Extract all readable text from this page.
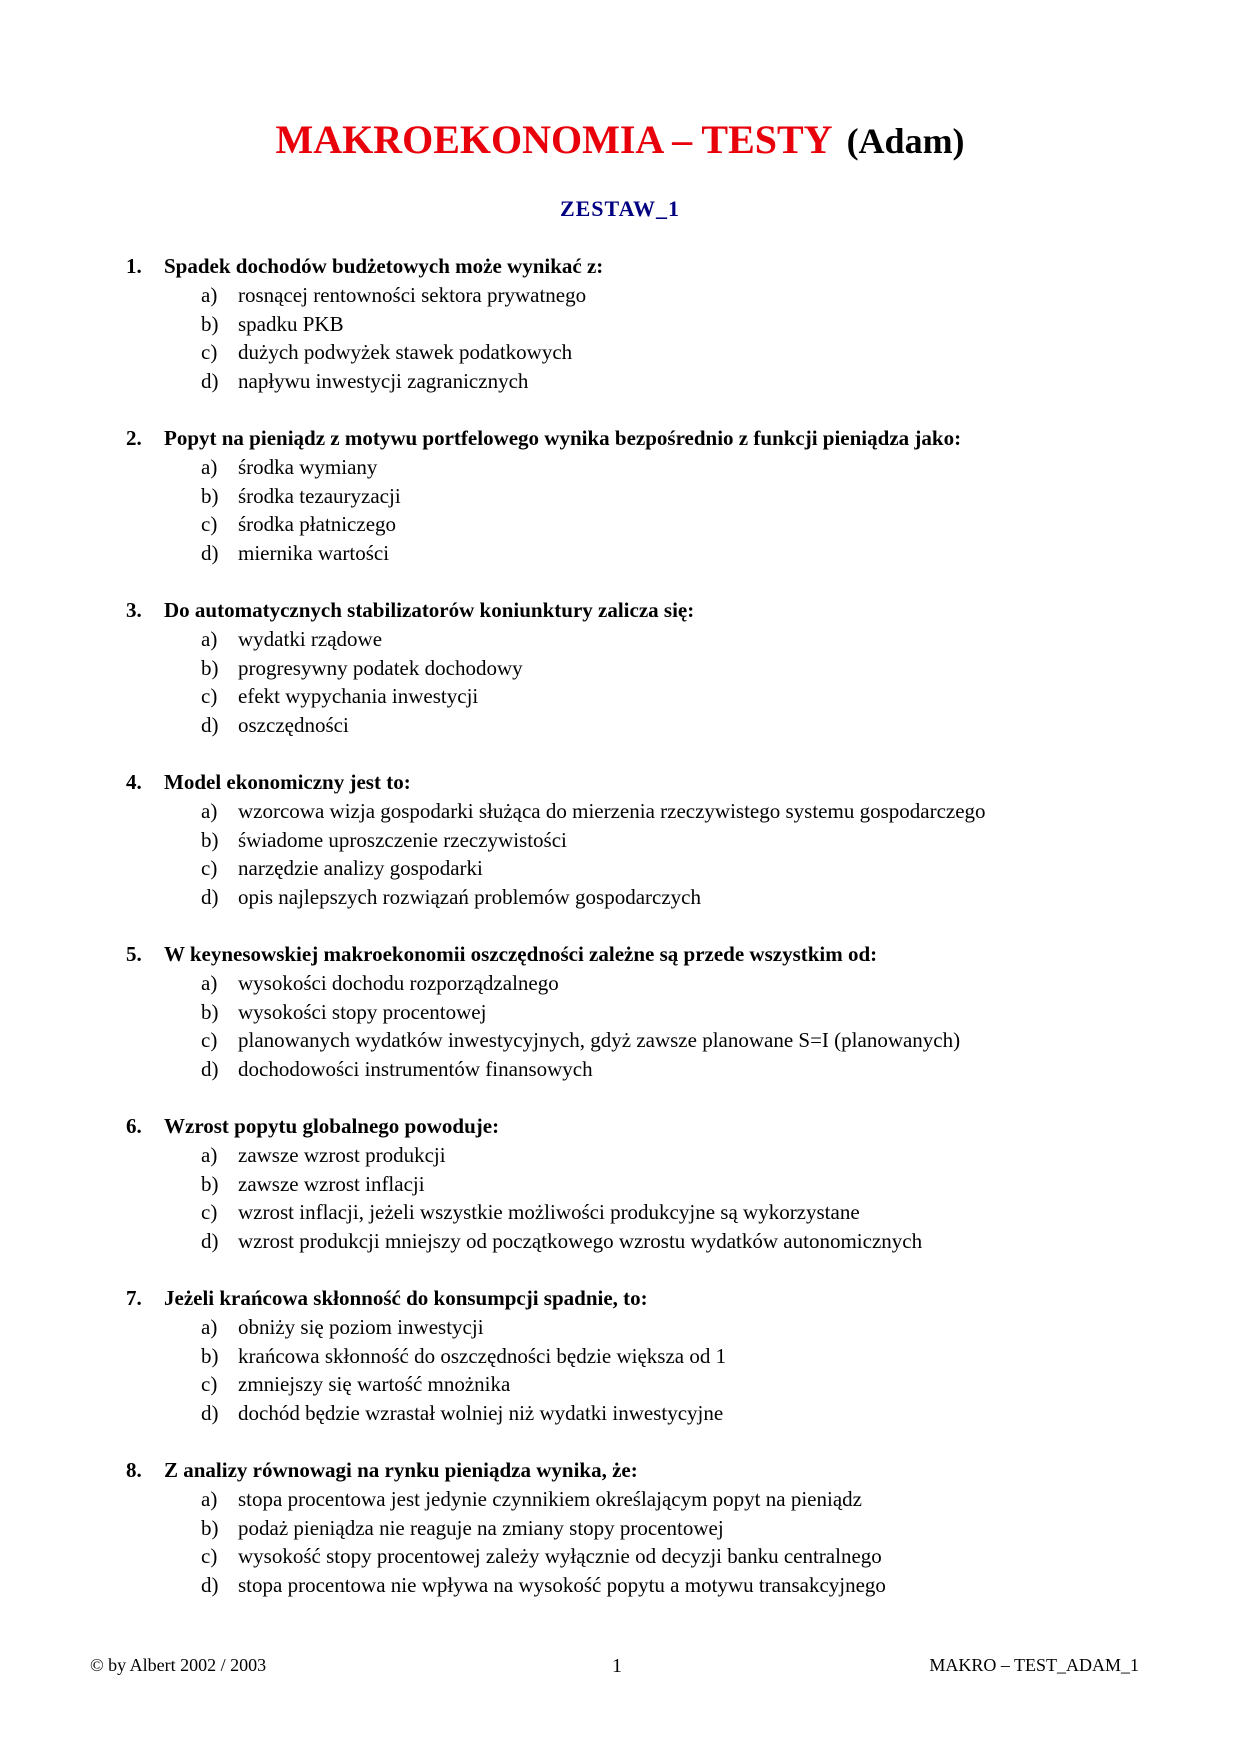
MAKROEKONOMIA – TESTY (Adam)
ZESTAW_1
1. Spadek dochodów budżetowych może wynikać z:
a) rosnącej rentowności sektora prywatnego
b) spadku PKB
c) dużych podwyżek stawek podatkowych
d) napływu inwestycji zagranicznych
2. Popyt na pieniądz z motywu portfelowego wynika bezpośrednio z funkcji pieniądza jako:
a) środka wymiany
b) środka tezauryzacji
c) środka płatniczego
d) miernika wartości
3. Do automatycznych stabilizatorów koniunktury zalicza się:
a) wydatki rządowe
b) progresywny podatek dochodowy
c) efekt wypychania inwestycji
d) oszczędności
4. Model ekonomiczny jest to:
a) wzorcowa wizja gospodarki służąca do mierzenia rzeczywistego systemu gospodarczego
b) świadome uproszczenie rzeczywistości
c) narzędzie analizy gospodarki
d) opis najlepszych rozwiązań problemów gospodarczych
5. W keynesowskiej makroekonomii oszczędności zależne są przede wszystkim od:
a) wysokości dochodu rozporządzalnego
b) wysokości stopy procentowej
c) planowanych wydatków inwestycyjnych, gdyż zawsze planowane S=I (planowanych)
d) dochodowości instrumentów finansowych
6. Wzrost popytu globalnego powoduje:
a) zawsze wzrost produkcji
b) zawsze wzrost inflacji
c) wzrost inflacji, jeżeli wszystkie możliwości produkcyjne są wykorzystane
d) wzrost produkcji mniejszy od początkowego wzrostu wydatków autonomicznych
7. Jeżeli krańcowa skłonność do konsumpcji spadnie, to:
a) obniży się poziom inwestycji
b) krańcowa skłonność do oszczędności będzie większa od 1
c) zmniejszy się wartość mnożnika
d) dochód będzie wzrastał wolniej niż wydatki inwestycyjne
8. Z analizy równowagi na rynku pieniądza wynika, że:
a) stopa procentowa jest jedynie czynnikiem określającym popyt na pieniądz
b) podaż pieniądza nie reaguje na zmiany stopy procentowej
c) wysokość stopy procentowej zależy wyłącznie od decyzji banku centralnego
d) stopa procentowa nie wpływa na wysokość popytu a motywu transakcyjnego
© by Albert 2002 / 2003	1	MAKRO – TEST_ADAM_1
